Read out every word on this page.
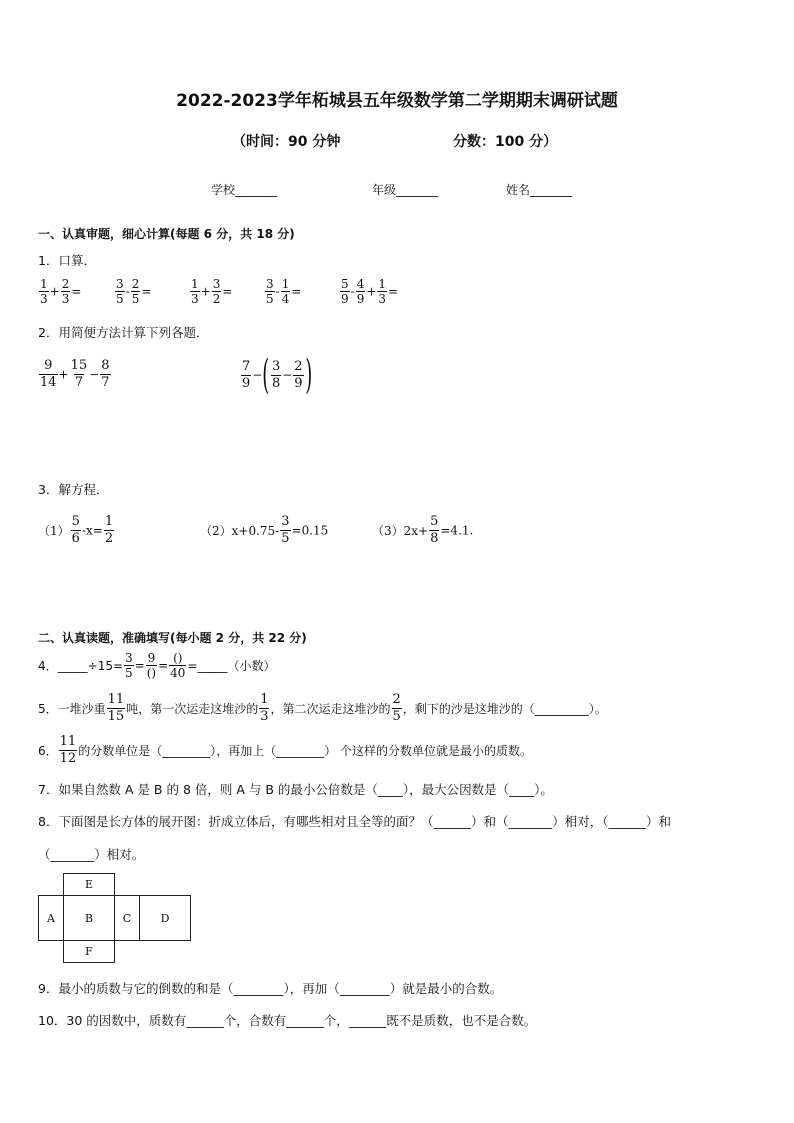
2022-2023学年柘城县五年级数学第二学期期末调研试题
（时间：90 分钟	分数：100 分）
学校_______	年级_______	姓名_______
一、认真审题，细心计算(每题 6 分，共 18 分)
1．口算．
$\frac{1}{3} + \frac{2}{3}$ =	$\frac{3}{5} - \frac{2}{5}$ =	$\frac{1}{3} + \frac{3}{2}$ =	$\frac{3}{5} - \frac{1}{4}$ =	$\frac{5}{9} - \frac{4}{9} + \frac{1}{3}$ =
2．用简便方法计算下列各题．
$\frac{9}{14} + \frac{15}{7} - \frac{8}{7}$	$\frac{7}{9}$ −( $\frac{3}{8} - \frac{2}{9}$ )
3．解方程．
$(1) \frac{5}{6} -x= \frac{1}{2}$	$(2)x+0.75- \frac{3}{5} =0.15$	$(3)2x+ \frac{5}{8} =4.1$.
二、认真读题，准确填写(每小题 2 分，共 22 分)
4．_____÷15= $\frac{3}{5} = \frac{9}{()} = \frac{()}{40}$ =_____（小数）
5．一堆沙重 $\frac{11}{15}$ 吨，第一次运走这堆沙的 $\frac{1}{3}$ ，第二次运走这堆沙的 $\frac{2}{5}$ ，剩下的沙是这堆沙的（_________）。
6． $\frac{11}{12}$ 的分数单位是（________），再加上（________） 个这样的分数单位就是最小的质数。
7．如果自然数 A 是 B 的 8 倍，则 A 与 B 的最小公倍数是（____），最大公因数是（____）。
8．下面图是长方体的展开图：折成立体后，有哪些相对且全等的面？（______）和（_______）相对，（______）和
（_______）相对。
E
A	B	C	D
F
9．最小的质数与它的倒数的和是（________），再加（________）就是最小的合数。
10．30 的因数中，质数有______个，合数有______个，______既不是质数，也不是合数。
